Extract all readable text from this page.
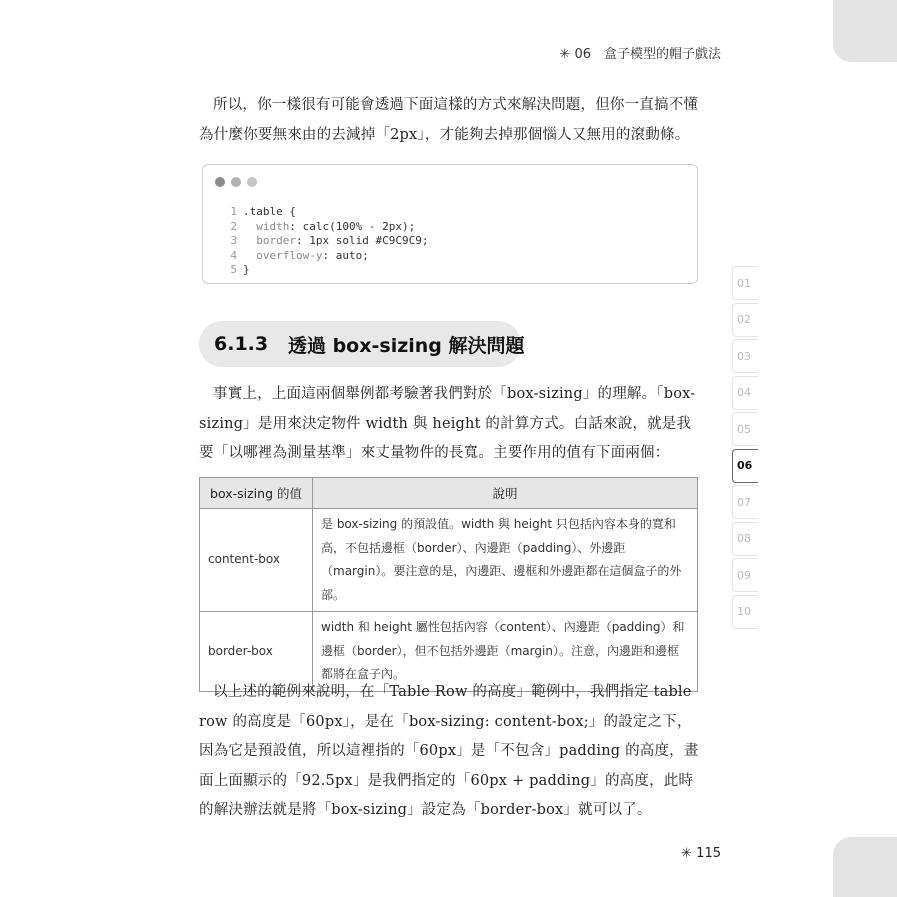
✳ 06　盒子模型的帽子戲法

所以，你一樣很有可能會透過下面這樣的方式來解決問題，但你一直搞不懂為什麼你要無來由的去減掉「2px」，才能夠去掉那個惱人又無用的滾動條。

1 .table {
2 width: calc(100% - 2px);
3 border: 1px solid #C9C9C9;
4 overflow-y: auto;
5 }
6.1.3
透過 box-sizing 解決問題

事實上，上面這兩個舉例都考驗著我們對於「box-sizing」的理解。「box-sizing」是用來決定物件 width 與 height 的計算方式。白話來說，就是我要「以哪裡為測量基準」來丈量物件的長寬。主要作用的值有下面兩個：

box-sizing 的值	說明
content-box	是 box-sizing 的預設值。width 與 height 只包括內容本身的寬和高，不包括邊框（border）、內邊距（padding）、外邊距（margin）。要注意的是，內邊距、邊框和外邊距都在這個盒子的外部。
border-box	width 和 height 屬性包括內容（content）、內邊距（padding）和邊框（border），但不包括外邊距（margin）。注意，內邊距和邊框都將在盒子內。

以上述的範例來說明，在「Table Row 的高度」範例中，我們指定 table row 的高度是「60px」，是在「box-sizing: content-box;」的設定之下，因為它是預設值，所以這裡指的「60px」是「不包含」padding 的高度，畫面上面顯示的「92.5px」是我們指定的「60px + padding」的高度，此時的解決辦法就是將「box-sizing」設定為「border-box」就可以了。

01
02
03
04
05
06
07
08
09
10
✳ 115
